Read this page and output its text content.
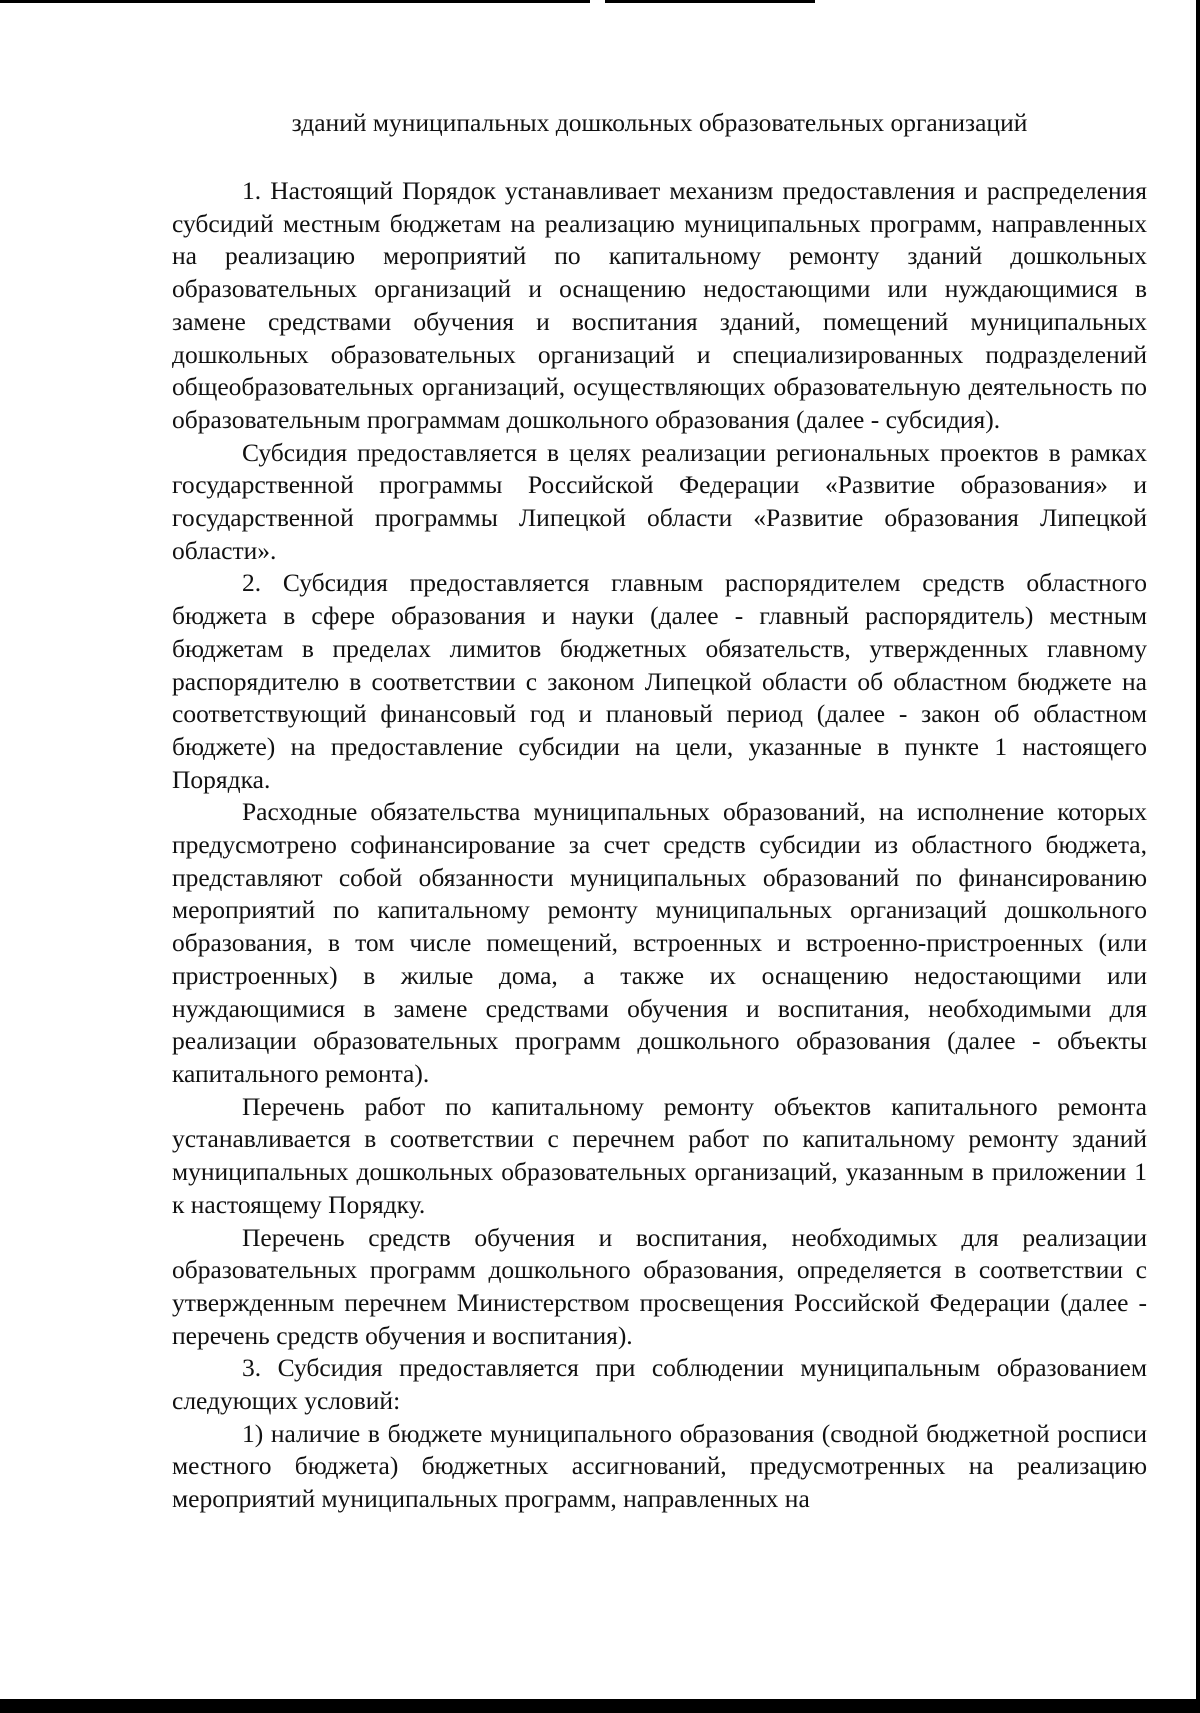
зданий муниципальных дошкольных образовательных организаций

1. Настоящий Порядок устанавливает механизм предоставления и распределения субсидий местным бюджетам на реализацию муниципальных программ, направленных на реализацию мероприятий по капитальному ремонту зданий дошкольных образовательных организаций и оснащению недостающими или нуждающимися в замене средствами обучения и воспитания зданий, помещений муниципальных дошкольных образовательных организаций и специализированных подразделений общеобразовательных организаций, осуществляющих образовательную деятельность по образовательным программам дошкольного образования (далее - субсидия).

Субсидия предоставляется в целях реализации региональных проектов в рамках государственной программы Российской Федерации «Развитие образования» и государственной программы Липецкой области «Развитие образования Липецкой области».

2. Субсидия предоставляется главным распорядителем средств областного бюджета в сфере образования и науки (далее - главный распорядитель) местным бюджетам в пределах лимитов бюджетных обязательств, утвержденных главному распорядителю в соответствии с законом Липецкой области об областном бюджете на соответствующий финансовый год и плановый период (далее - закон об областном бюджете) на предоставление субсидии на цели, указанные в пункте 1 настоящего Порядка.

Расходные обязательства муниципальных образований, на исполнение которых предусмотрено софинансирование за счет средств субсидии из областного бюджета, представляют собой обязанности муниципальных образований по финансированию мероприятий по капитальному ремонту муниципальных организаций дошкольного образования, в том числе помещений, встроенных и встроенно-пристроенных (или пристроенных) в жилые дома, а также их оснащению недостающими или нуждающимися в замене средствами обучения и воспитания, необходимыми для реализации образовательных программ дошкольного образования (далее - объекты капитального ремонта).

Перечень работ по капитальному ремонту объектов капитального ремонта устанавливается в соответствии с перечнем работ по капитальному ремонту зданий муниципальных дошкольных образовательных организаций, указанным в приложении 1 к настоящему Порядку.

Перечень средств обучения и воспитания, необходимых для реализации образовательных программ дошкольного образования, определяется в соответствии с утвержденным перечнем Министерством просвещения Российской Федерации (далее - перечень средств обучения и воспитания).

3. Субсидия предоставляется при соблюдении муниципальным образованием следующих условий:

1) наличие в бюджете муниципального образования (сводной бюджетной росписи местного бюджета) бюджетных ассигнований, предусмотренных на реализацию мероприятий муниципальных программ, направленных на
